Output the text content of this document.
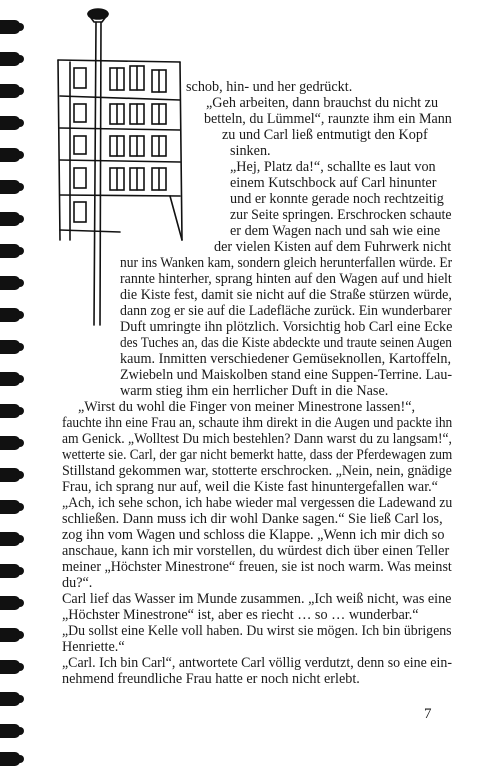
schob, hin- und her gedrückt.
„Geh arbeiten, dann brauchst du nicht zu
betteln, du Lümmel“, raunzte ihm ein Mann
zu und Carl ließ entmutigt den Kopf
sinken.
„Hej, Platz da!“, schallte es laut von
einem Kutschbock auf Carl hinunter
und er konnte gerade noch rechtzeitig
zur Seite springen. Erschrocken schaute
er dem Wagen nach und sah wie eine
der vielen Kisten auf dem Fuhrwerk nicht
nur ins Wanken kam, sondern gleich herunterfallen würde. Er
rannte hinterher, sprang hinten auf den Wagen auf und hielt
die Kiste fest, damit sie nicht auf die Straße stürzen würde,
dann zog er sie auf die Ladefläche zurück. Ein wunderbarer
Duft umringte ihn plötzlich. Vorsichtig hob Carl eine Ecke
des Tuches an, das die Kiste abdeckte und traute seinen Augen
kaum. Inmitten verschiedener Gemüseknollen, Kartoffeln,
Zwiebeln und Maiskolben stand eine Suppen-Terrine. Lau-
warm stieg ihm ein herrlicher Duft in die Nase.
„Wirst du wohl die Finger von meiner Minestrone lassen!“,
fauchte ihn eine Frau an, schaute ihm direkt in die Augen und packte ihn
am Genick. „Wolltest Du mich bestehlen? Dann warst du zu langsam!“,
wetterte sie. Carl, der gar nicht bemerkt hatte, dass der Pferdewagen zum
Stillstand gekommen war, stotterte erschrocken. „Nein, nein, gnädige
Frau, ich sprang nur auf, weil die Kiste fast hinuntergefallen war.“
„Ach, ich sehe schon, ich habe wieder mal vergessen die Ladewand zu
schließen. Dann muss ich dir wohl Danke sagen.“ Sie ließ Carl los,
zog ihn vom Wagen und schloss die Klappe. „Wenn ich mir dich so
anschaue, kann ich mir vorstellen, du würdest dich über einen Teller
meiner „Höchster Minestrone“ freuen, sie ist noch warm. Was meinst
du?“.
Carl lief das Wasser im Munde zusammen. „Ich weiß nicht, was eine
„Höchster Minestrone“ ist, aber es riecht … so … wunderbar.“
„Du sollst eine Kelle voll haben. Du wirst sie mögen. Ich bin übrigens
Henriette.“
„Carl. Ich bin Carl“, antwortete Carl völlig verdutzt, denn so eine ein-
nehmend freundliche Frau hatte er noch nicht erlebt.
7
